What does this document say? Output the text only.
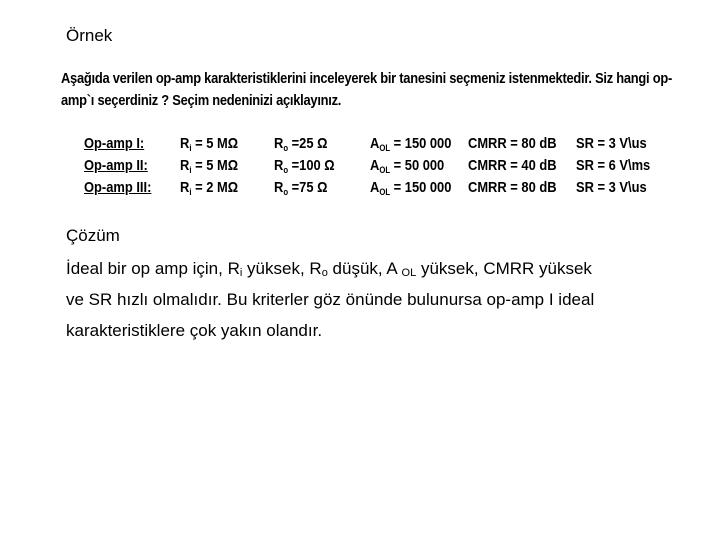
Örnek
Aşağıda verilen op-amp karakteristiklerini inceleyerek bir tanesini seçmeniz istenmektedir. Siz hangi op-
amp`ı seçerdiniz ? Seçim nedeninizi açıklayınız.
Op-amp I: $R_i = 5$ MΩ $R_o =25$ Ω	$A_{OL} = 150$ 000 CMRR = 80 dB SR = 3 V\us
Op-amp II: $R_i = 5$ MΩ $R_o =100$ Ω $A_{OL} = 50$ 000 CMRR = 40 dB SR = 6 V\ms
Op-amp III: $R_i = 2$ MΩ $R_o =75$ Ω	$A_{OL} = 150$ 000 CMRR = 80 dB SR = 3 V\us
Çözüm
İdeal bir op amp için, Ri yüksek, Ro düşük, A OL yüksek, CMRR yüksek
ve SR hızlı olmalıdır. Bu kriterler göz önünde bulunursa op-amp I ideal
karakteristiklere çok yakın olandır.
